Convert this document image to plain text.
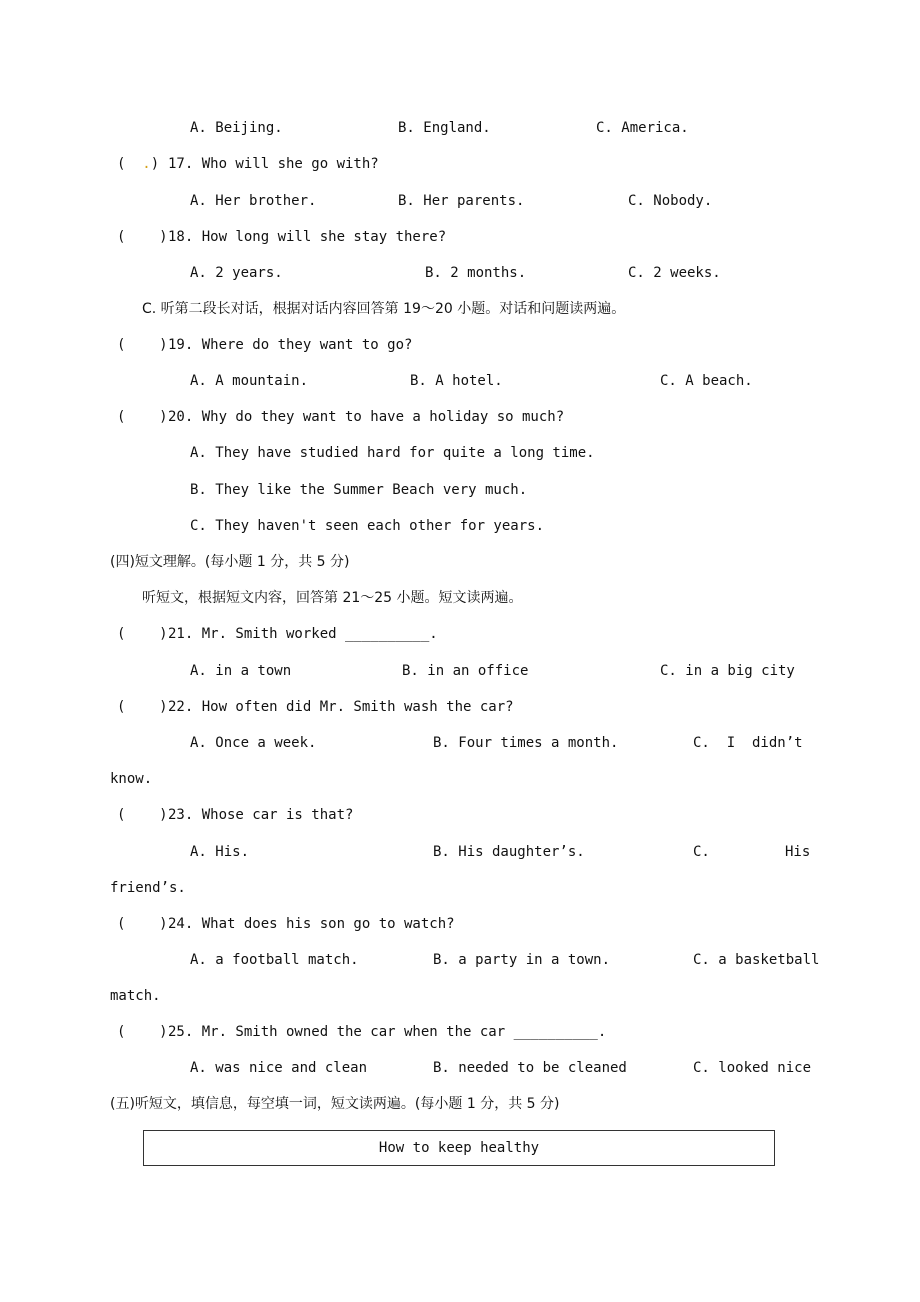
A. Beijing.	B. England.	C. America.
(  .) 17. Who will she go with?
A. Her brother.	B. Her parents.	C. Nobody.
(    ) 18. How long will she stay there?
A. 2 years.	B. 2 months.	C. 2 weeks.
C. 听第二段长对话，根据对话内容回答第 19～20 小题。对话和问题读两遍。
(    ) 19. Where do they want to go?
A. A mountain.	B. A hotel.	C. A beach.
(    ) 20. Why do they want to have a holiday so much?
A. They have studied hard for quite a long time.
B. They like the Summer Beach very much.
C. They haven't seen each other for years.
(四)短文理解。(每小题 1 分，共 5 分)
听短文，根据短文内容，回答第 21～25 小题。短文读两遍。
(    ) 21. Mr. Smith worked __________.
A. in a town	B. in an office	C. in a big city
(    ) 22. How often did Mr. Smith wash the car?
A. Once a week.	B. Four times a month.	C.  I  didn’t
know.
(    ) 23. Whose car is that?
A. His.	B. His daughter’s.	C.	His
friend’s.
(    ) 24. What does his son go to watch?
A. a football match.	B. a party in a town.	C. a basketball
match.
(    ) 25. Mr. Smith owned the car when the car __________.
A. was nice and clean	B. needed to be cleaned	C. looked nice
(五)听短文，填信息，每空填一词，短文读两遍。(每小题 1 分，共 5 分)
How to keep healthy
